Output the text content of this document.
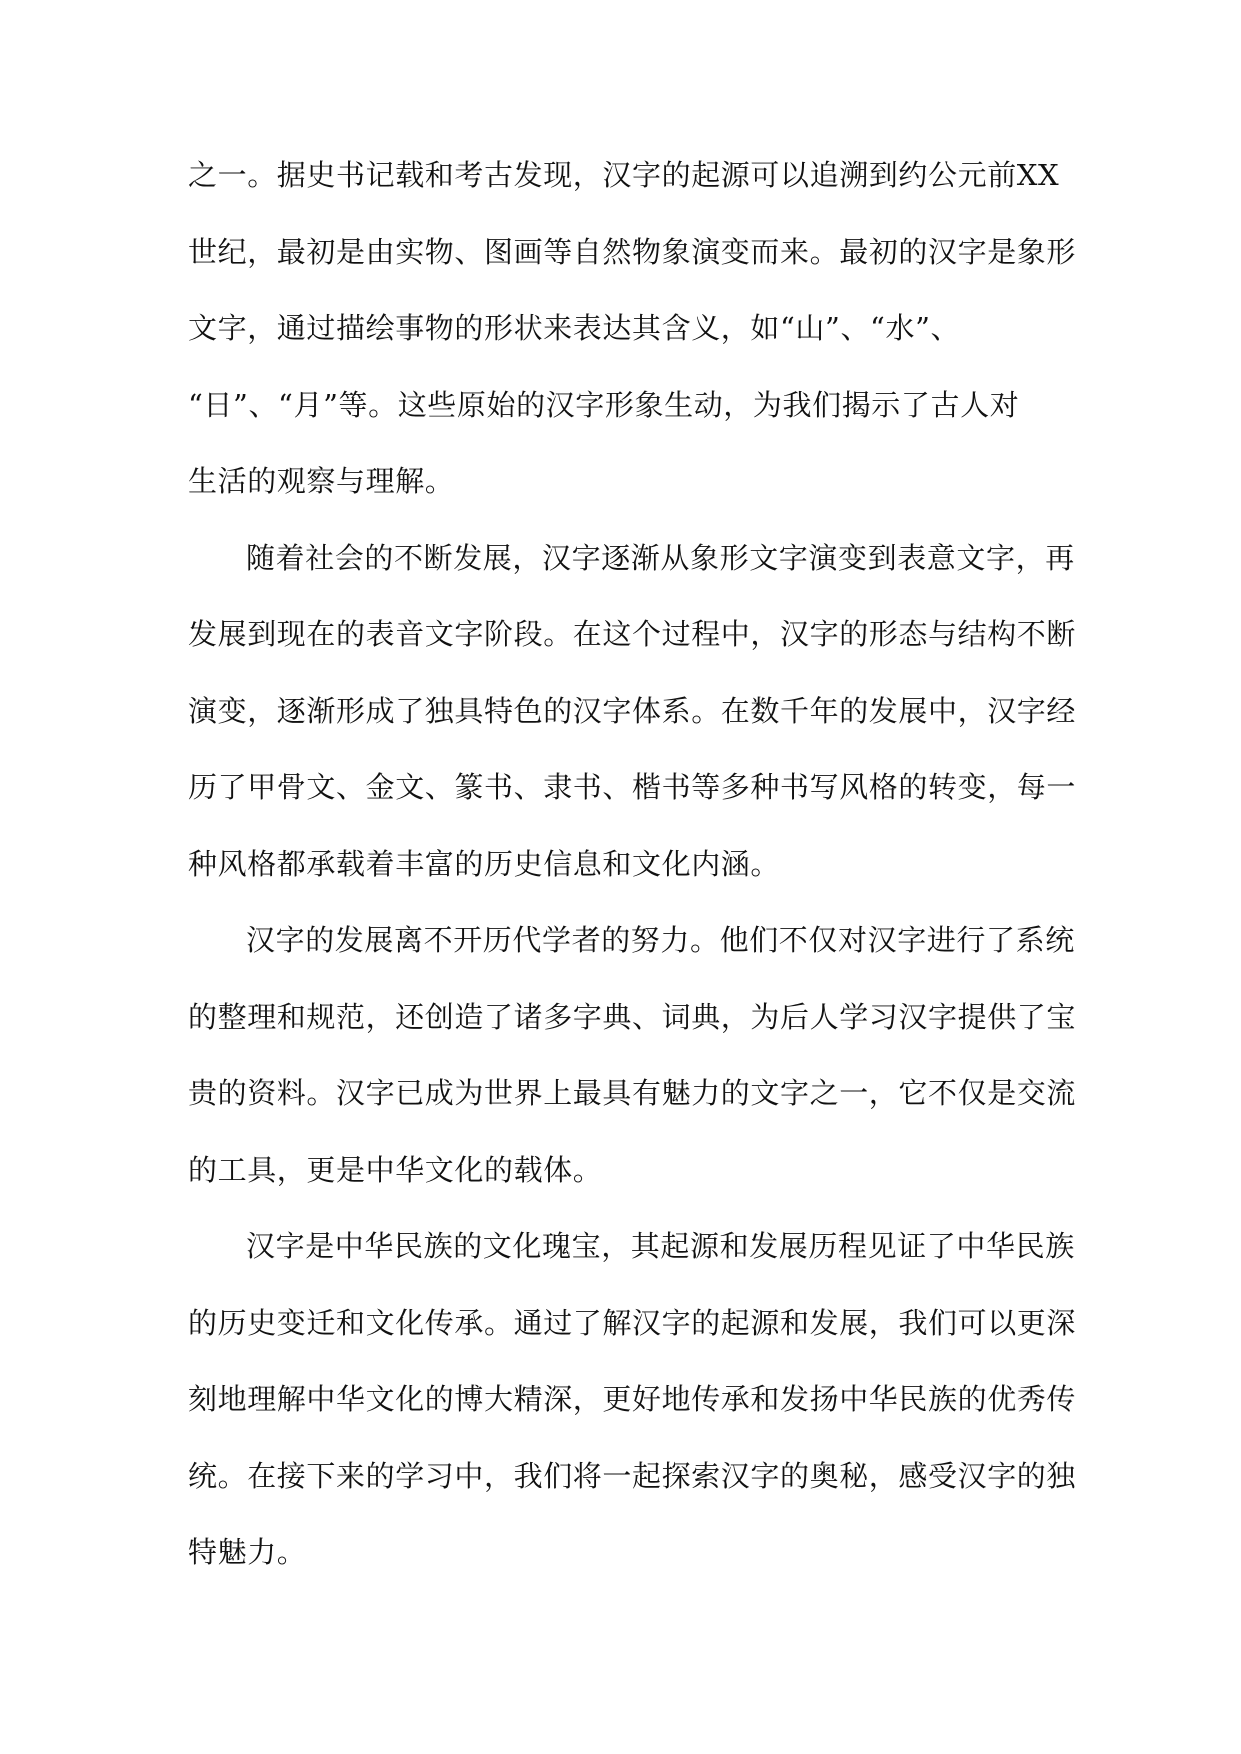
之一。据史书记载和考古发现，汉字的起源可以追溯到约公元前XX
世纪，最初是由实物、图画等自然物象演变而来。最初的汉字是象形
文字，通过描绘事物的形状来表达其含义，如“山”、“水”、
“日”、“月”等。这些原始的汉字形象生动，为我们揭示了古人对
生活的观察与理解。
随着社会的不断发展，汉字逐渐从象形文字演变到表意文字，再
发展到现在的表音文字阶段。在这个过程中，汉字的形态与结构不断
演变，逐渐形成了独具特色的汉字体系。在数千年的发展中，汉字经
历了甲骨文、金文、篆书、隶书、楷书等多种书写风格的转变，每一
种风格都承载着丰富的历史信息和文化内涵。
汉字的发展离不开历代学者的努力。他们不仅对汉字进行了系统
的整理和规范，还创造了诸多字典、词典，为后人学习汉字提供了宝
贵的资料。汉字已成为世界上最具有魅力的文字之一，它不仅是交流
的工具，更是中华文化的载体。
汉字是中华民族的文化瑰宝，其起源和发展历程见证了中华民族
的历史变迁和文化传承。通过了解汉字的起源和发展，我们可以更深
刻地理解中华文化的博大精深，更好地传承和发扬中华民族的优秀传
统。在接下来的学习中，我们将一起探索汉字的奥秘，感受汉字的独
特魅力。
